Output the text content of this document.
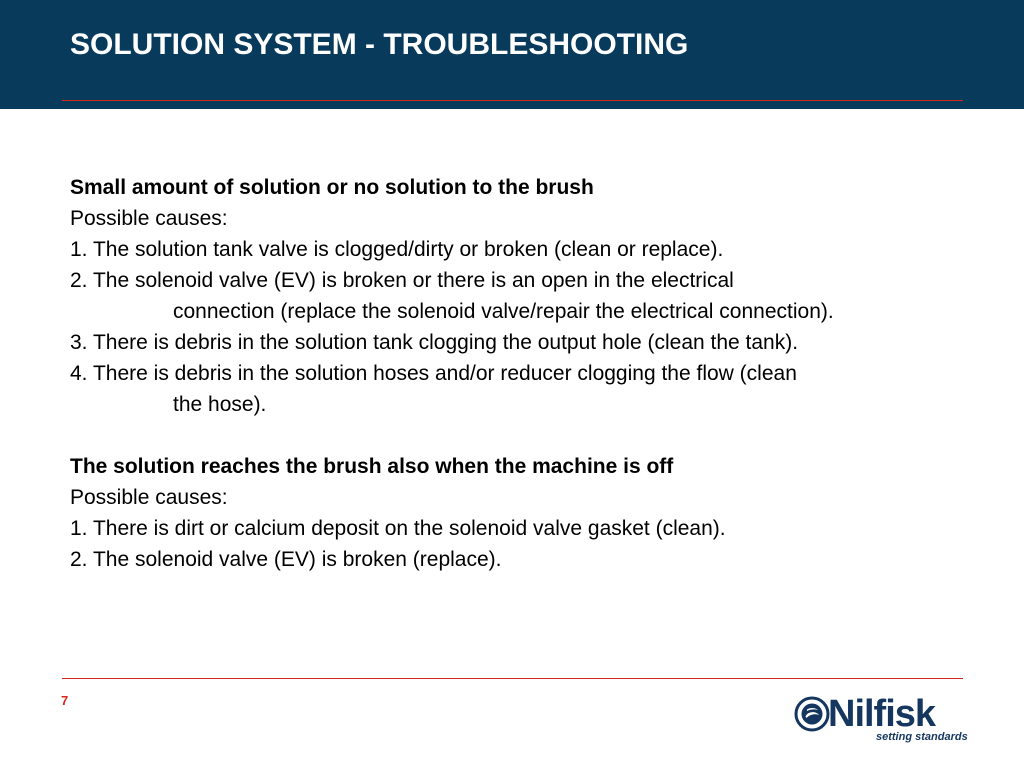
SOLUTION SYSTEM - TROUBLESHOOTING
Small amount of solution or no solution to the brush
Possible causes:
1. The solution tank valve is clogged/dirty or broken (clean or replace).
2. The solenoid valve (EV) is broken or there is an open in the electrical
connection (replace the solenoid valve/repair the electrical connection).
3. There is debris in the solution tank clogging the output hole (clean the tank).
4. There is debris in the solution hoses and/or reducer clogging the flow (clean
the hose).
The solution reaches the brush also when the machine is off
Possible causes:
1. There is dirt or calcium deposit on the solenoid valve gasket (clean).
2. The solenoid valve (EV) is broken (replace).
7	Nilfisk
setting standards
